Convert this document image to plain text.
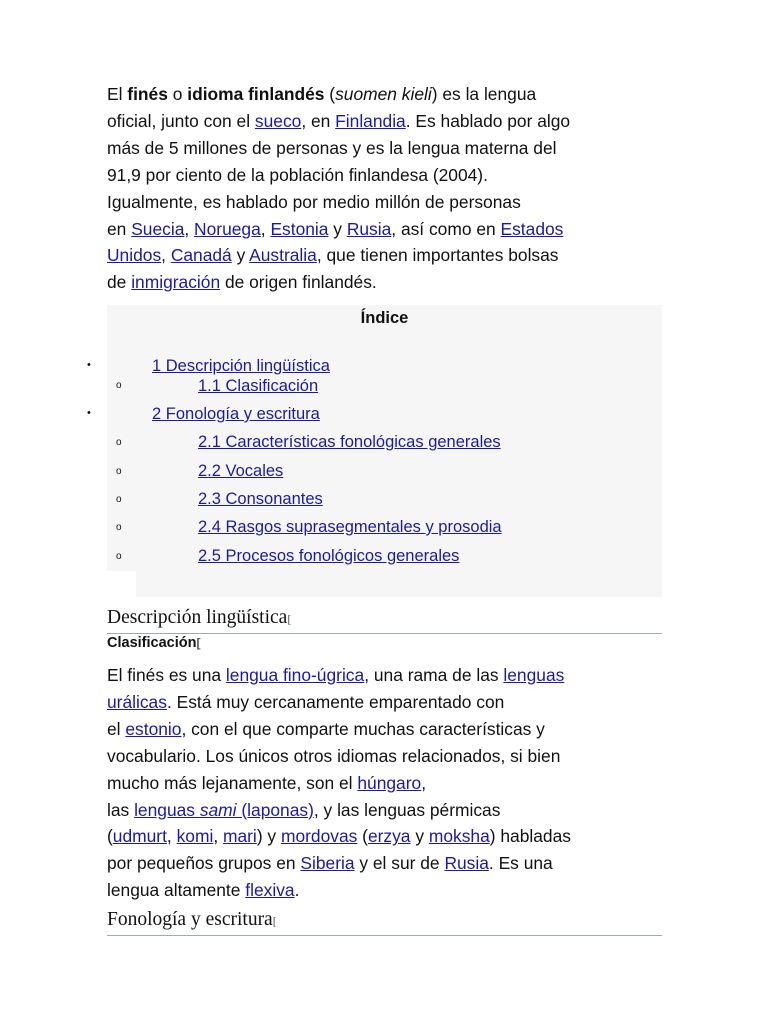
El finés o idioma finlandés (suomen kieli) es la lengua
oficial, junto con el sueco, en Finlandia. Es hablado por algo
más de 5 millones de personas y es la lengua materna del
91,9 por ciento de la población finlandesa (2004).
Igualmente, es hablado por medio millón de personas
en Suecia, Noruega, Estonia y Rusia, así como en Estados
Unidos, Canadá y Australia, que tienen importantes bolsas
de inmigración de origen finlandés.

Índice
•	1 Descripción lingüística
o	1.1 Clasificación
•	2 Fonología y escritura
o	2.1 Características fonológicas generales
o	2.2 Vocales
o	2.3 Consonantes
o	2.4 Rasgos suprasegmentales y prosodia
o	2.5 Procesos fonológicos generales
Descripción lingüística[
Clasificación[

El finés es una lengua fino-úgrica, una rama de las lenguas
urálicas. Está muy cercanamente emparentado con
el estonio, con el que comparte muchas características y
vocabulario. Los únicos otros idiomas relacionados, si bien
mucho más lejanamente, son el húngaro,
las lenguas sami (laponas), y las lenguas pérmicas
(udmurt, komi, mari) y mordovas (erzya y moksha) habladas
por pequeños grupos en Siberia y el sur de Rusia. Es una
lengua altamente flexiva.

Fonología y escritura[
